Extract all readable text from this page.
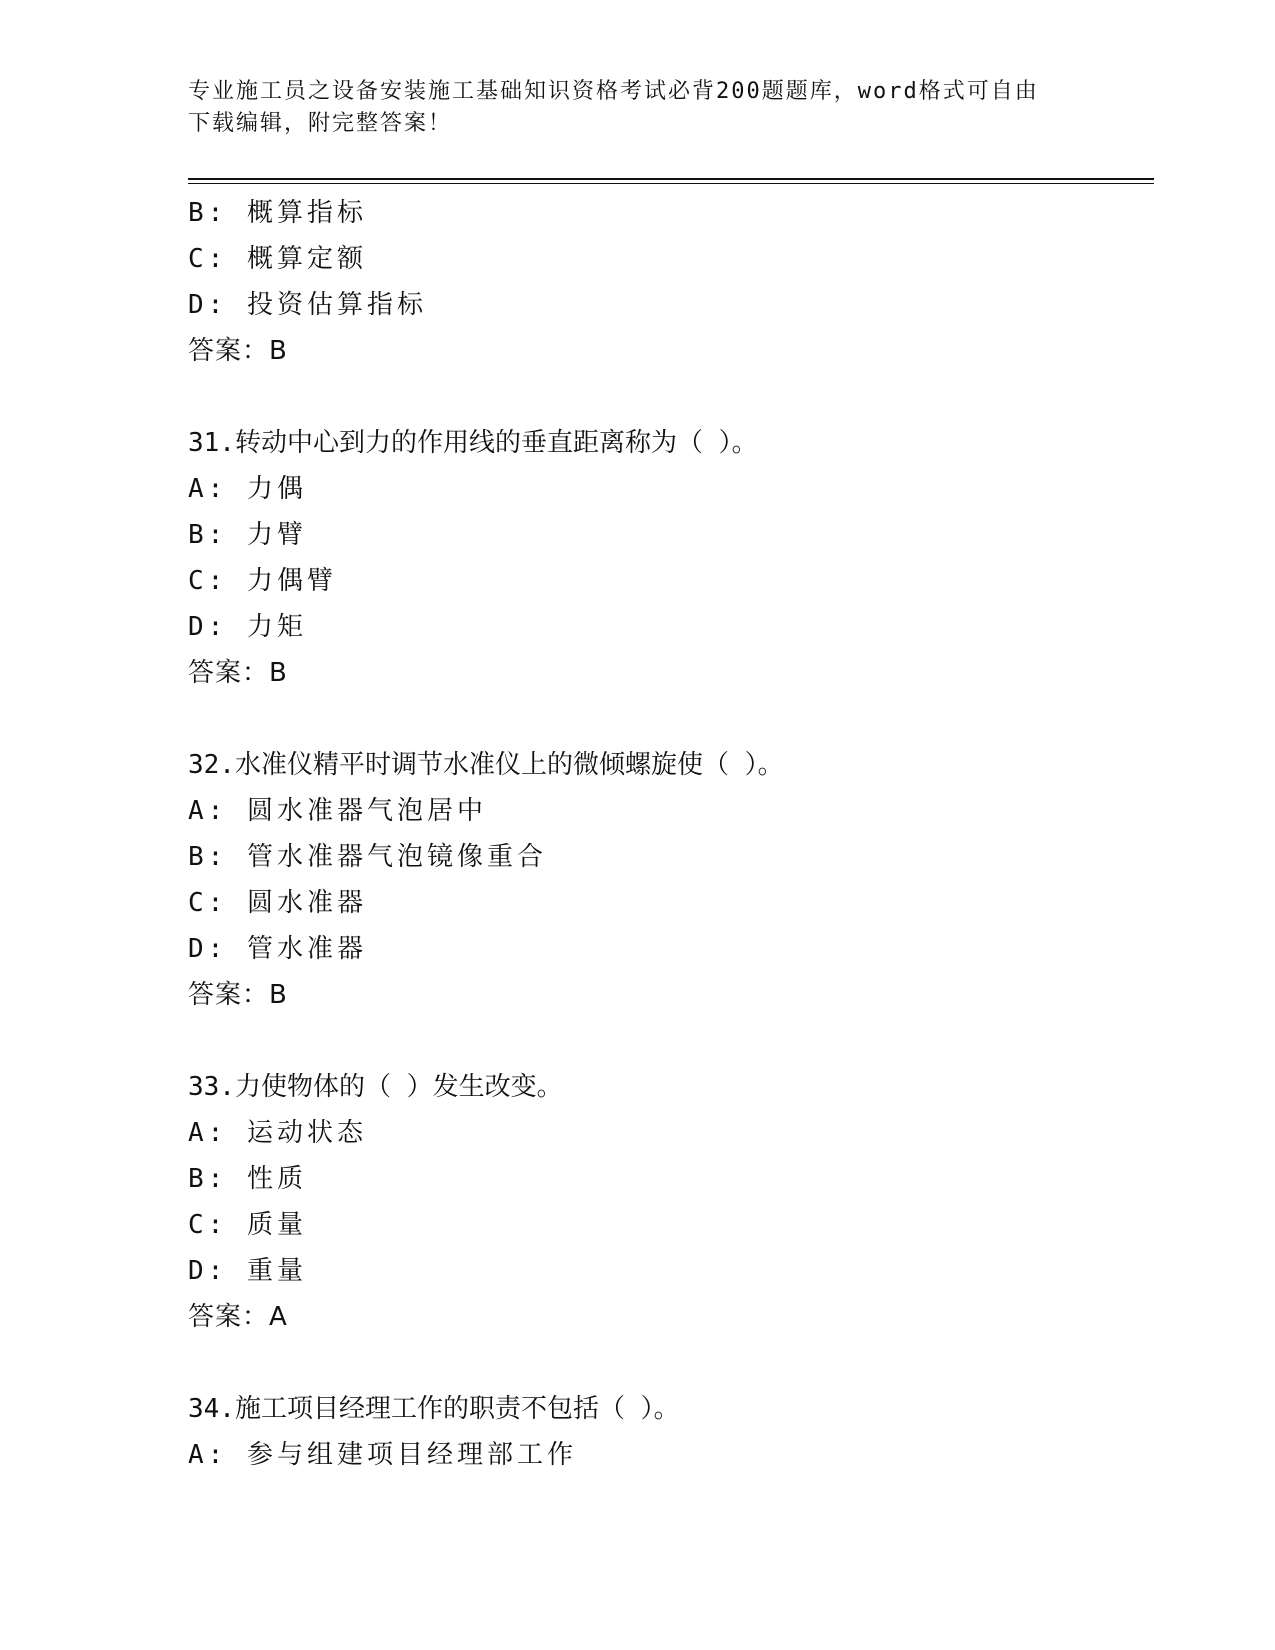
专业施工员之设备安装施工基础知识资格考试必背200题题库，word格式可自由
下载编辑，附完整答案！
B: 概算指标
C: 概算定额
D: 投资估算指标
答案：B
31.转动中心到力的作用线的垂直距离称为（ ）。
A: 力偶
B: 力臂
C: 力偶臂
D: 力矩
答案：B
32.水准仪精平时调节水准仪上的微倾螺旋使（ ）。
A: 圆水准器气泡居中
B: 管水准器气泡镜像重合
C: 圆水准器
D: 管水准器
答案：B
33.力使物体的（ ）发生改变。
A: 运动状态
B: 性质
C: 质量
D: 重量
答案：A
34.施工项目经理工作的职责不包括（ ）。
A: 参与组建项目经理部工作
